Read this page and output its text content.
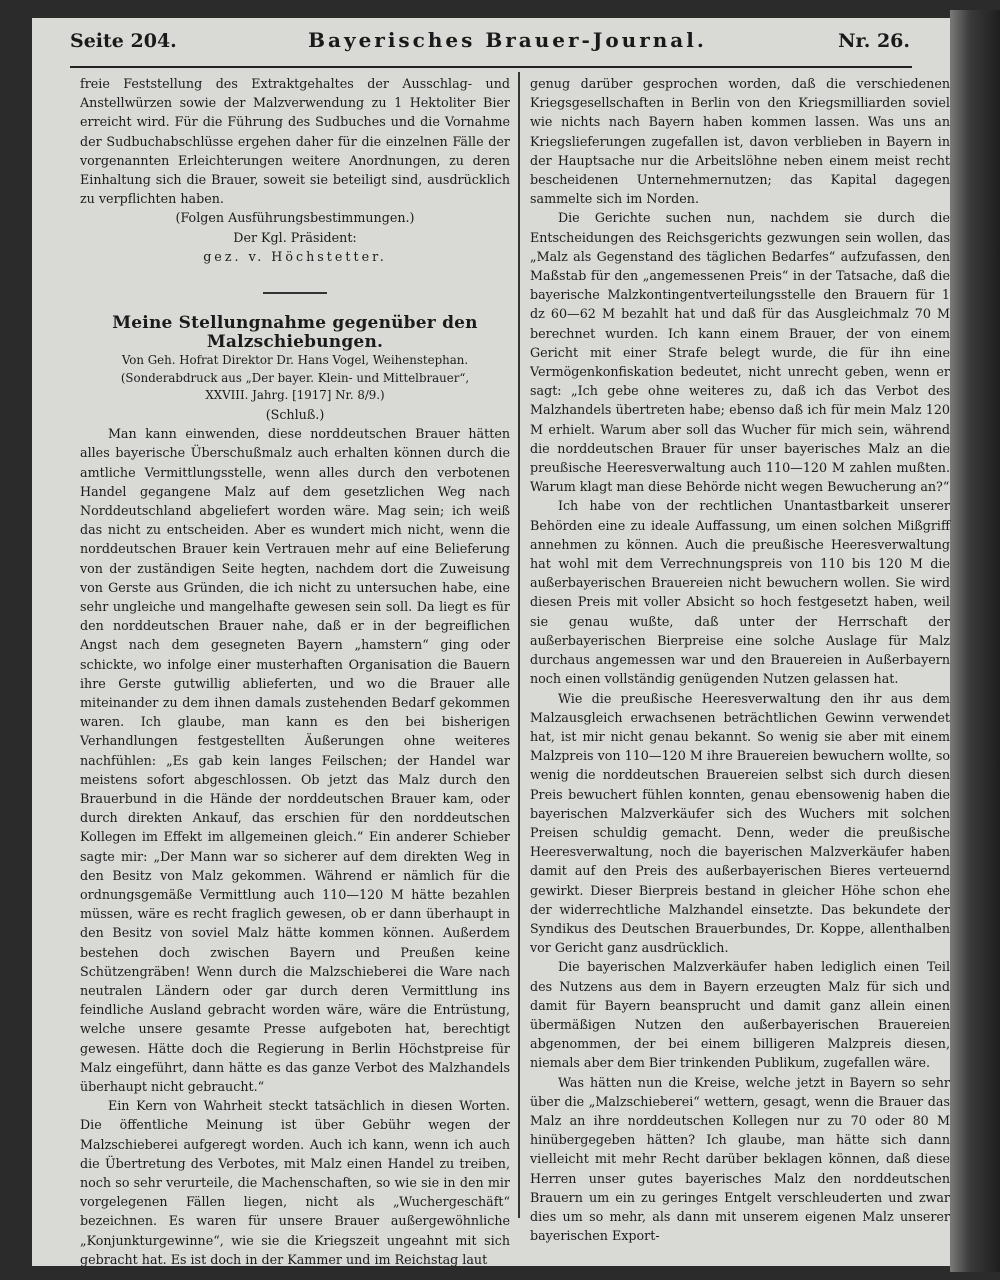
Seite 204.	Bayerisches Brauer-Journal.	Nr. 26.

freie Feststellung des Extraktgehaltes der Ausschlag- und Anstellwürzen sowie der Malzverwendung zu 1 Hektoliter Bier erreicht wird. Für die Führung des Sudbuches und die Vornahme der Sudbuchabschlüsse ergehen daher für die einzelnen Fälle der vorgenannten Erleichterungen weitere Anordnungen, zu deren Einhaltung sich die Brauer, soweit sie beteiligt sind, ausdrücklich zu verpflichten haben.

(Folgen Ausführungsbestimmungen.)

Der Kgl. Präsident:

gez. v. Höchstetter.

Meine Stellungnahme gegenüber den Malzschiebungen.

Von Geh. Hofrat Direktor Dr. Hans Vogel, Weihenstephan.

(Sonderabdruck aus „Der bayer. Klein- und Mittelbrauer“,

XXVIII. Jahrg. [1917] Nr. 8/9.)

(Schluß.)

Man kann einwenden, diese norddeutschen Brauer hätten alles bayerische Überschußmalz auch erhalten können durch die amtliche Vermittlungsstelle, wenn alles durch den verbotenen Handel gegangene Malz auf dem gesetzlichen Weg nach Norddeutschland abgeliefert worden wäre. Mag sein; ich weiß das nicht zu entscheiden. Aber es wundert mich nicht, wenn die norddeutschen Brauer kein Vertrauen mehr auf eine Belieferung von der zuständigen Seite hegten, nachdem dort die Zuweisung von Gerste aus Gründen, die ich nicht zu untersuchen habe, eine sehr ungleiche und mangelhafte gewesen sein soll. Da liegt es für den norddeutschen Brauer nahe, daß er in der begreiflichen Angst nach dem gesegneten Bayern „hamstern“ ging oder schickte, wo infolge einer musterhaften Organisation die Bauern ihre Gerste gutwillig ablieferten, und wo die Brauer alle miteinander zu dem ihnen damals zustehenden Bedarf gekommen waren. Ich glaube, man kann es den bei bisherigen Verhandlungen festgestellten Äußerungen ohne weiteres nachfühlen: „Es gab kein langes Feilschen; der Handel war meistens sofort abgeschlossen. Ob jetzt das Malz durch den Brauerbund in die Hände der norddeutschen Brauer kam, oder durch direkten Ankauf, das erschien für den norddeutschen Kollegen im Effekt im allgemeinen gleich.“ Ein anderer Schieber sagte mir: „Der Mann war so sicherer auf dem direkten Weg in den Besitz von Malz gekommen. Während er nämlich für die ordnungsgemäße Vermittlung auch 110—120 M hätte bezahlen müssen, wäre es recht fraglich gewesen, ob er dann überhaupt in den Besitz von soviel Malz hätte kommen können. Außerdem bestehen doch zwischen Bayern und Preußen keine Schützengräben! Wenn durch die Malzschieberei die Ware nach neutralen Ländern oder gar durch deren Vermittlung ins feindliche Ausland gebracht worden wäre, wäre die Entrüstung, welche unsere gesamte Presse aufgeboten hat, berechtigt gewesen. Hätte doch die Regierung in Berlin Höchstpreise für Malz eingeführt, dann hätte es das ganze Verbot des Malzhandels überhaupt nicht gebraucht.“

Ein Kern von Wahrheit steckt tatsächlich in diesen Worten. Die öffentliche Meinung ist über Gebühr wegen der Malzschieberei aufgeregt worden. Auch ich kann, wenn ich auch die Übertretung des Verbotes, mit Malz einen Handel zu treiben, noch so sehr verurteile, die Machenschaften, so wie sie in den mir vorgelegenen Fällen liegen, nicht als „Wuchergeschäft“ bezeichnen. Es waren für unsere Brauer außergewöhnliche „Konjunkturgewinne“, wie sie die Kriegszeit ungeahnt mit sich gebracht hat. Es ist doch in der Kammer und im Reichstag laut

genug darüber gesprochen worden, daß die verschiedenen Kriegsgesellschaften in Berlin von den Kriegsmilliarden soviel wie nichts nach Bayern haben kommen lassen. Was uns an Kriegslieferungen zugefallen ist, davon verblieben in Bayern in der Hauptsache nur die Arbeitslöhne neben einem meist recht bescheidenen Unternehmernutzen; das Kapital dagegen sammelte sich im Norden.

Die Gerichte suchen nun, nachdem sie durch die Entscheidungen des Reichsgerichts gezwungen sein wollen, das „Malz als Gegenstand des täglichen Bedarfes“ aufzufassen, den Maßstab für den „angemessenen Preis“ in der Tatsache, daß die bayerische Malzkontingentverteilungsstelle den Brauern für 1 dz 60—62 M bezahlt hat und daß für das Ausgleichmalz 70 M berechnet wurden. Ich kann einem Brauer, der von einem Gericht mit einer Strafe belegt wurde, die für ihn eine Vermögenkonfiskation bedeutet, nicht unrecht geben, wenn er sagt: „Ich gebe ohne weiteres zu, daß ich das Verbot des Malzhandels übertreten habe; ebenso daß ich für mein Malz 120 M erhielt. Warum aber soll das Wucher für mich sein, während die norddeutschen Brauer für unser bayerisches Malz an die preußische Heeresverwaltung auch 110—120 M zahlen mußten. Warum klagt man diese Behörde nicht wegen Bewucherung an?“

Ich habe von der rechtlichen Unantastbarkeit unserer Behörden eine zu ideale Auffassung, um einen solchen Mißgriff annehmen zu können. Auch die preußische Heeresverwaltung hat wohl mit dem Verrechnungspreis von 110 bis 120 M die außerbayerischen Brauereien nicht bewuchern wollen. Sie wird diesen Preis mit voller Absicht so hoch festgesetzt haben, weil sie genau wußte, daß unter der Herrschaft der außerbayerischen Bierpreise eine solche Auslage für Malz durchaus angemessen war und den Brauereien in Außerbayern noch einen vollständig genügenden Nutzen gelassen hat.

Wie die preußische Heeresverwaltung den ihr aus dem Malzausgleich erwachsenen beträchtlichen Gewinn verwendet hat, ist mir nicht genau bekannt. So wenig sie aber mit einem Malzpreis von 110—120 M ihre Brauereien bewuchern wollte, so wenig die norddeutschen Brauereien selbst sich durch diesen Preis bewuchert fühlen konnten, genau ebensowenig haben die bayerischen Malzverkäufer sich des Wuchers mit solchen Preisen schuldig gemacht. Denn, weder die preußische Heeresverwaltung, noch die bayerischen Malzverkäufer haben damit auf den Preis des außerbayerischen Bieres verteuernd gewirkt. Dieser Bierpreis bestand in gleicher Höhe schon ehe der widerrechtliche Malzhandel einsetzte. Das bekundete der Syndikus des Deutschen Brauerbundes, Dr. Koppe, allenthalben vor Gericht ganz ausdrücklich.

Die bayerischen Malzverkäufer haben lediglich einen Teil des Nutzens aus dem in Bayern erzeugten Malz für sich und damit für Bayern beansprucht und damit ganz allein einen übermäßigen Nutzen den außerbayerischen Brauereien abgenommen, der bei einem billigeren Malzpreis diesen, niemals aber dem Bier trinkenden Publikum, zugefallen wäre.

Was hätten nun die Kreise, welche jetzt in Bayern so sehr über die „Malzschieberei“ wettern, gesagt, wenn die Brauer das Malz an ihre norddeutschen Kollegen nur zu 70 oder 80 M hinübergegeben hätten? Ich glaube, man hätte sich dann vielleicht mit mehr Recht darüber beklagen können, daß diese Herren unser gutes bayerisches Malz den norddeutschen Brauern um ein zu geringes Entgelt verschleuderten und zwar dies um so mehr, als dann mit unserem eigenen Malz unserer bayerischen Export-
